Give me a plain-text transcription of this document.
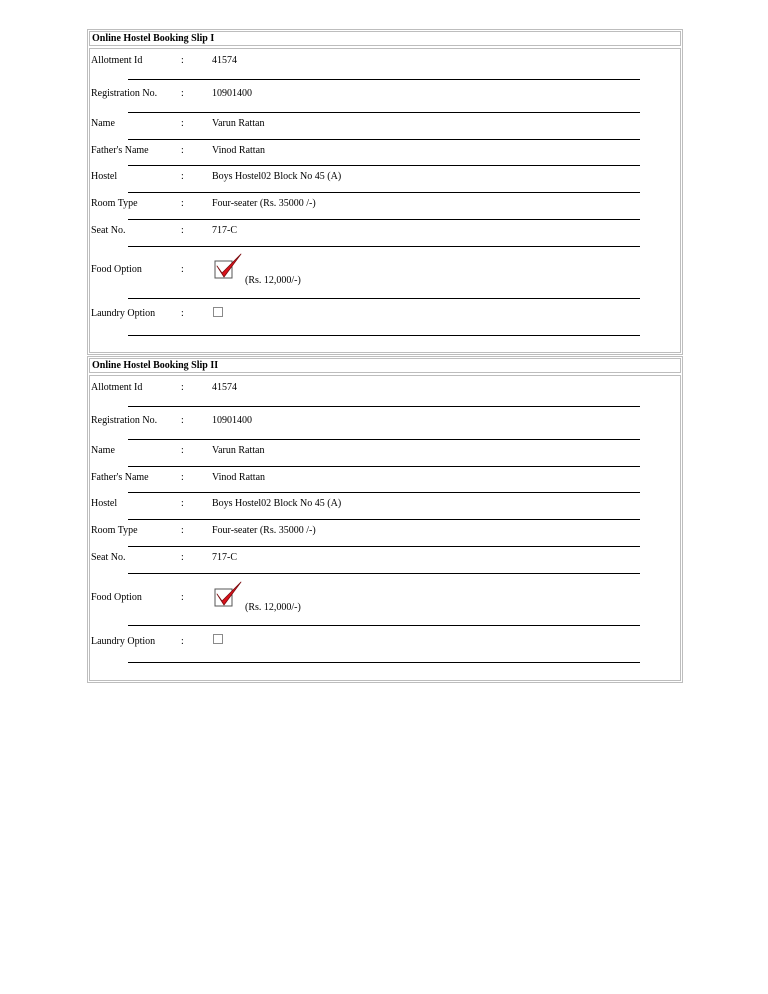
Online Hostel Booking Slip I
Allotment Id	:	41574
Registration No. :	10901400
Name	:	Varun Rattan
Father's Name	:	Vinod Rattan
Hostel	:	Boys Hostel02 Block No 45 (A)
Room Type	:	Four-seater (Rs. 35000 /-)
Seat No.	:	717-C
Food Option	:
(Rs. 12,000/-)
Laundry Option	:
Online Hostel Booking Slip II
Allotment Id	:	41574
Registration No. :	10901400
Name	:	Varun Rattan
Father's Name	:	Vinod Rattan
Hostel	:	Boys Hostel02 Block No 45 (A)
Room Type	:	Four-seater (Rs. 35000 /-)
Seat No.	:	717-C
Food Option	:
(Rs. 12,000/-)
Laundry Option	:
